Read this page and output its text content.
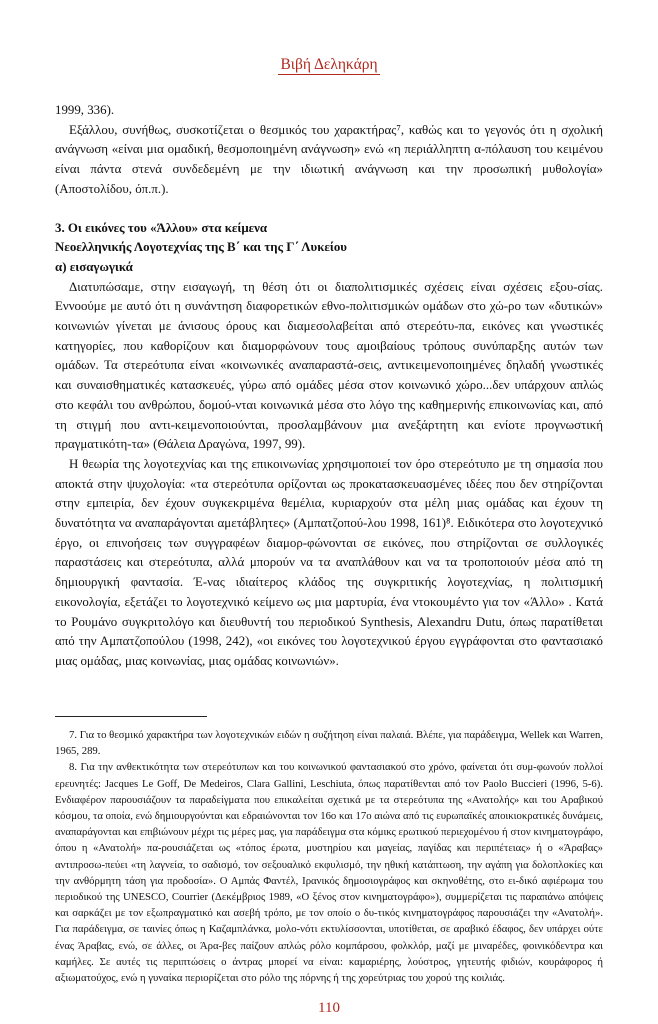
Βιβή Δεληκάρη

1999, 336).

Εξάλλου, συνήθως, συσκοτίζεται ο θεσμικός του χαρακτήρας⁷, καθώς και το γεγονός ότι η σχολική ανάγνωση «είναι μια ομαδική, θεσμοποιημένη ανάγνωση» ενώ «η περιάλληπτη α-πόλαυση του κειμένου είναι πάντα στενά συνδεδεμένη με την ιδιωτική ανάγνωση και την προσωπική μυθολογία» (Αποστολίδου, όπ.π.).

3. Οι εικόνες του «Άλλου» στα κείμενα
Νεοελληνικής Λογοτεχνίας της Β΄ και της Γ΄ Λυκείου
α) εισαγωγικά

Διατυπώσαμε, στην εισαγωγή, τη θέση ότι οι διαπολιτισμικές σχέσεις είναι σχέσεις εξου-σίας. Εννοούμε με αυτό ότι η συνάντηση διαφορετικών εθνο-πολιτισμικών ομάδων στο χώ-ρο των «δυτικών» κοινωνιών γίνεται με άνισους όρους και διαμεσολαβείται από στερεότυ-πα, εικόνες και γνωστικές κατηγορίες, που καθορίζουν και διαμορφώνουν τους αμοιβαίους τρόπους συνύπαρξης αυτών των ομάδων. Τα στερεότυπα είναι «κοινωνικές αναπαραστά-σεις, αντικειμενοποιημένες δηλαδή γνωστικές και συναισθηματικές κατασκευές, γύρω από ομάδες μέσα στον κοινωνικό χώρο...δεν υπάρχουν απλώς στο κεφάλι του ανθρώπου, δομού-νται κοινωνικά μέσα στο λόγο της καθημερινής επικοινωνίας και, από τη στιγμή που αντι-κειμενοποιούνται, προσλαμβάνουν μια ανεξάρτητη και ενίοτε προγνωστική πραγματικότη-τα» (Θάλεια Δραγώνα, 1997, 99).

Η θεωρία της λογοτεχνίας και της επικοινωνίας χρησιμοποιεί τον όρο στερεότυπο με τη σημασία που αποκτά στην ψυχολογία: «τα στερεότυπα ορίζονται ως προκατασκευασμένες ιδέες που δεν στηρίζονται στην εμπειρία, δεν έχουν συγκεκριμένα θεμέλια, κυριαρχούν στα μέλη μιας ομάδας και έχουν τη δυνατότητα να αναπαράγονται αμετάβλητες» (Αμπατζοπού-λου 1998, 161)⁸. Ειδικότερα στο λογοτεχνικό έργο, οι επινοήσεις των συγγραφέων διαμορ-φώνονται σε εικόνες, που στηρίζονται σε συλλογικές παραστάσεις και στερεότυπα, αλλά μπορούν να τα αναπλάθουν και να τα τροποποιούν μέσα από τη δημιουργική φαντασία. Έ-νας ιδιαίτερος κλάδος της συγκριτικής λογοτεχνίας, η πολιτισμική εικονολογία, εξετάζει το λογοτεχνικό κείμενο ως μια μαρτυρία, ένα ντοκουμέντο για τον «Άλλο» . Κατά το Ρουμάνο συγκριτολόγο και διευθυντή του περιοδικού Synthesis, Alexandru Dutu, όπως παρατίθεται από την Αμπατζοπούλου (1998, 242), «οι εικόνες του λογοτεχνικού έργου εγγράφονται στο φαντασιακό μιας ομάδας, μιας κοινωνίας, μιας ομάδας κοινωνιών».

7. Για το θεσμικό χαρακτήρα των λογοτεχνικών ειδών η συζήτηση είναι παλαιά. Βλέπε, για παράδειγμα, Wellek και Warren, 1965, 289.

8. Για την ανθεκτικότητα των στερεότυπων και του κοινωνικού φαντασιακού στο χρόνο, φαίνεται ότι συμ-φωνούν πολλοί ερευνητές: Jacques Le Goff, De Medeiros, Clara Gallini, Leschiuta, όπως παρατίθενται από τον Paolo Buccieri (1996, 5-6). Ενδιαφέρον παρουσιάζουν τα παραδείγματα που επικαλείται σχετικά με τα στερεότυπα της «Ανατολής» και του Αραβικού κόσμου, τα οποία, ενώ δημιουργούνται και εδραιώνονται τον 16ο και 17ο αιώνα από τις ευρωπαϊκές αποικιοκρατικές δυνάμεις, αναπαράγονται και επιβιώνουν μέχρι τις μέρες μας, για παράδειγμα στα κόμικς ερωτικού περιεχομένου ή στον κινηματογράφο, όπου η «Ανατολή» πα-ρουσιάζεται ως «τόπος έρωτα, μυστηρίου και μαγείας, παγίδας και περιπέτειας» ή ο «Άραβας» αντιπροσω-πεύει «τη λαγνεία, το σαδισμό, τον σεξουαλικό εκφυλισμό, την ηθική κατάπτωση, την αγάπη για δολοπλοκίες και την ανθόρμητη τάση για προδοσία». Ο Αμπάς Φαντέλ, Ιρανικός δημοσιογράφος και σκηνοθέτης, στο ει-δικό αφιέρωμα του περιοδικού της UNESCO, Courrier (Δεκέμβριος 1989, «Ο ξένος στον κινηματογράφο»), συμμερίζεται τις παραπάνω απόψεις και σαρκάζει με τον εξωπραγματικό και ασεβή τρόπο, με τον οποίο ο δυ-τικός κινηματογράφος παρουσιάζει την «Ανατολή». Για παράδειγμα, σε ταινίες όπως η Καζαμπλάνκα, μολο-νότι εκτυλίσσονται, υποτίθεται, σε αραβικό έδαφος, δεν υπάρχει ούτε ένας Άραβας, ενώ, σε άλλες, οι Άρα-βες παίζουν απλώς ρόλο κομπάρσου, φολκλόρ, μαζί με μιναρέδες, φοινικόδεντρα και καμήλες. Σε αυτές τις περιπτώσεις ο άντρας μπορεί να είναι: καμαριέρης, λούστρος, γητευτής φιδιών, κουράφορος ή αξιωματούχος, ενώ η γυναίκα περιορίζεται στο ρόλο της πόρνης ή της χορεύτριας του χορού της κοιλιάς.

110
